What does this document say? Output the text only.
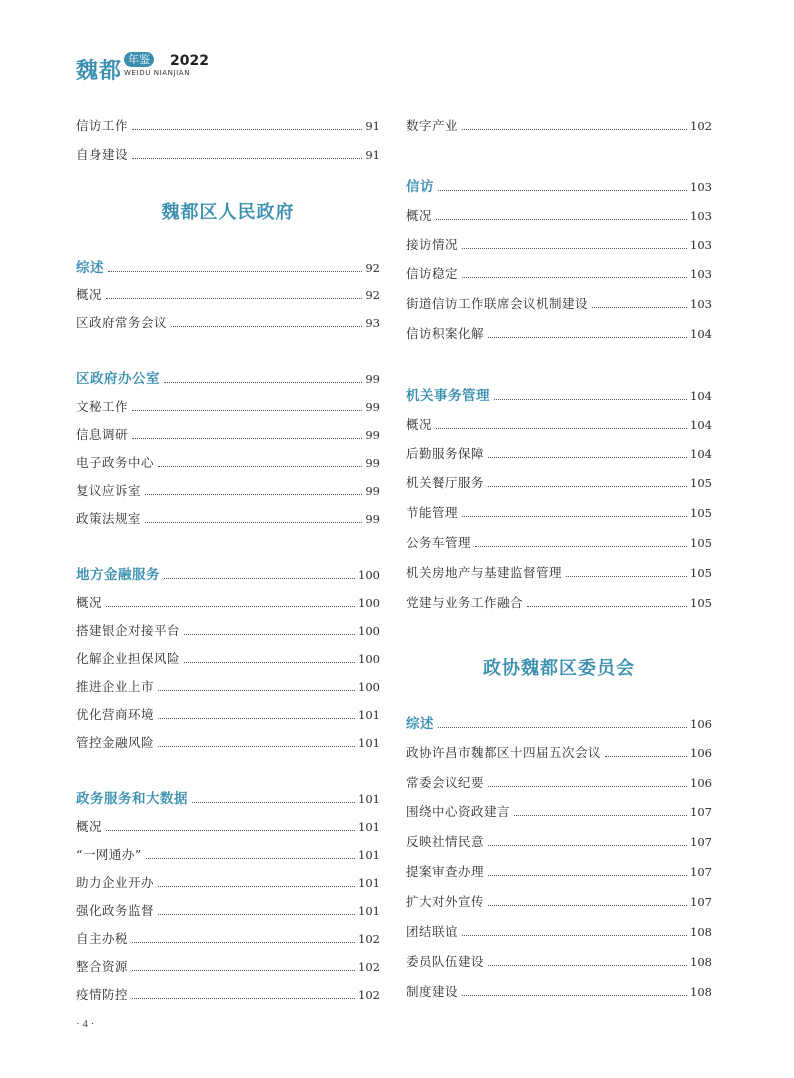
魏都 年鉴 2022
WEIDU NIANJIAN
魏都区人民政府
信访工作	91
自身建设	91
综述	92
概况	92
区政府常务会议	93
区政府办公室	99
文秘工作	99
信息调研	99
电子政务中心	99
复议应诉室	99
政策法规室	99
地方金融服务	100
概况	100
搭建银企对接平台	100
化解企业担保风险	100
推进企业上市	100
优化营商环境	101
管控金融风险	101
政务服务和大数据	101
概况	101
“一网通办”	101
助力企业开办	101
强化政务监督	101
自主办税	102
整合资源	102
疫情防控	102
政协魏都区委员会
数字产业	102
信访	103
概况	103
接访情况	103
信访稳定	103
街道信访工作联席会议机制建设	103
信访积案化解	104
机关事务管理	104
概况	104
后勤服务保障	104
机关餐厅服务	105
节能管理	105
公务车管理	105
机关房地产与基建监督管理	105
党建与业务工作融合	105
综述	106
政协许昌市魏都区十四届五次会议	106
常委会议纪要	106
围绕中心资政建言	107
反映社情民意	107
提案审查办理	107
扩大对外宣传	107
团结联谊	108
委员队伍建设	108
制度建设	108
· 4 ·
